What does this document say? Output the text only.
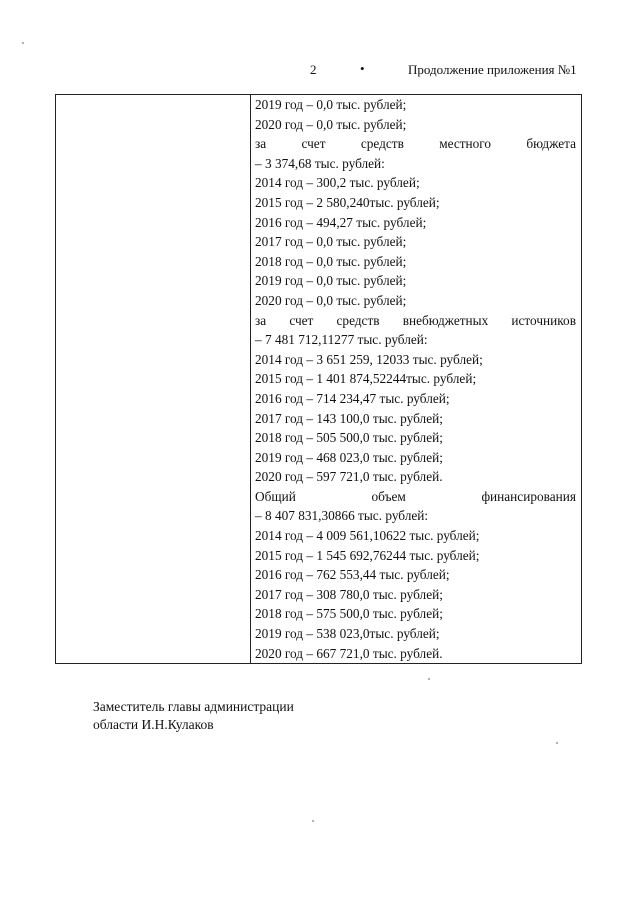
2	•	Продолжение приложения №1
2019 год – 0,0 тыс. рублей;
2020 год – 0,0 тыс. рублей;
за	счет	средств	местного	бюджета
– 3 374,68 тыс. рублей:
2014 год – 300,2 тыс. рублей;
2015 год – 2 580,240тыс. рублей;
2016 год – 494,27 тыс. рублей;
2017 год – 0,0 тыс. рублей;
2018 год – 0,0 тыс. рублей;
2019 год – 0,0 тыс. рублей;
2020 год – 0,0 тыс. рублей;
за счет средств внебюджетных источников
– 7 481 712,11277 тыс. рублей:
2014 год – 3 651 259, 12033 тыс. рублей;
2015 год – 1 401 874,52244тыс. рублей;
2016 год – 714 234,47 тыс. рублей;
2017 год – 143 100,0 тыс. рублей;
2018 год – 505 500,0 тыс. рублей;
2019 год – 468 023,0 тыс. рублей;
2020 год – 597 721,0 тыс. рублей.
Общий	объем	финансирования
– 8 407 831,30866 тыс. рублей:
2014 год – 4 009 561,10622 тыс. рублей;
2015 год – 1 545 692,76244 тыс. рублей;
2016 год – 762 553,44 тыс. рублей;
2017 год – 308 780,0 тыс. рублей;
2018 год – 575 500,0 тыс. рублей;
2019 год – 538 023,0тыс. рублей;
2020 год – 667 721,0 тыс. рублей.
Заместитель главы администрации
области И.Н.Кулаков
